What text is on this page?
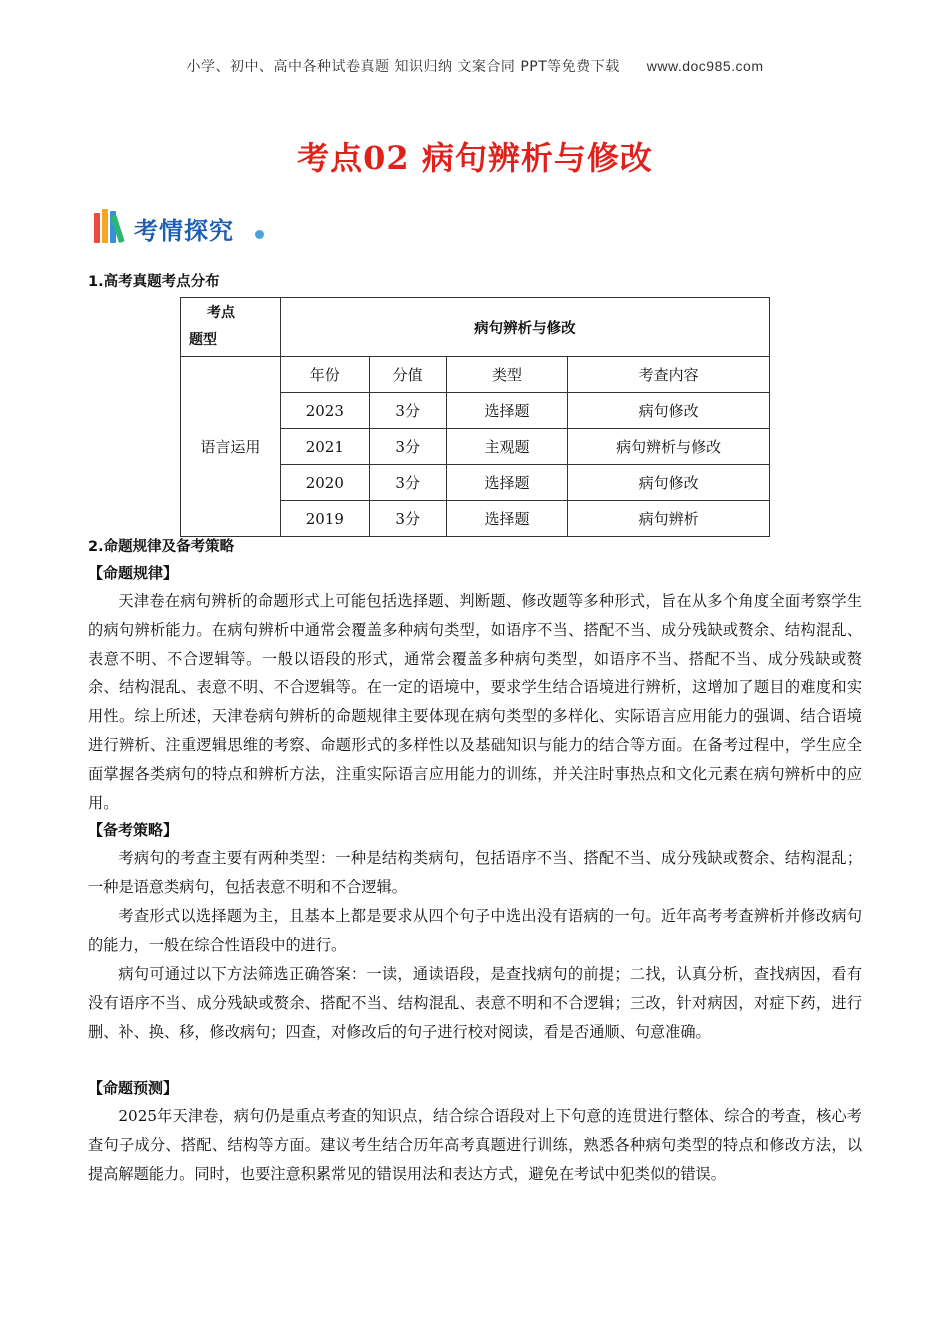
小学、初中、高中各种试卷真题 知识归纳 文案合同 PPT等免费下载 www.doc985.com
考点02 病句辨析与修改
考情探究
1.高考真题考点分布
考点
题型	病句辨析与修改			
语言运用	年份	分值	类型	考查内容
	2023	3分	选择题	病句修改
	2021	3分	主观题	病句辨析与修改
	2020	3分	选择题	病句修改
	2019	3分	选择题	病句辨析
2.命题规律及备考策略
【命题规律】
天津卷在病句辨析的命题形式上可能包括选择题、判断题、修改题等多种形式，旨在从多个角度全面考察学生的病句辨析能力。在病句辨析中通常会覆盖多种病句类型，如语序不当、搭配不当、成分残缺或赘余、结构混乱、表意不明、不合逻辑等。一般以语段的形式，通常会覆盖多种病句类型，如语序不当、搭配不当、成分残缺或赘余、结构混乱、表意不明、不合逻辑等。在一定的语境中，要求学生结合语境进行辨析，这增加了题目的难度和实用性。综上所述，天津卷病句辨析的命题规律主要体现在病句类型的多样化、实际语言应用能力的强调、结合语境进行辨析、注重逻辑思维的考察、命题形式的多样性以及基础知识与能力的结合等方面。在备考过程中，学生应全面掌握各类病句的特点和辨析方法，注重实际语言应用能力的训练，并关注时事热点和文化元素在病句辨析中的应用。
【备考策略】
考病句的考查主要有两种类型：一种是结构类病句，包括语序不当、搭配不当、成分残缺或赘余、结构混乱；一种是语意类病句，包括表意不明和不合逻辑。
考查形式以选择题为主，且基本上都是要求从四个句子中选出没有语病的一句。近年高考考查辨析并修改病句的能力，一般在综合性语段中的进行。
病句可通过以下方法筛选正确答案：一读，通读语段，是查找病句的前提；二找，认真分析，查找病因，看有没有语序不当、成分残缺或赘余、搭配不当、结构混乱、表意不明和不合逻辑；三改，针对病因，对症下药，进行删、补、换、移，修改病句；四查，对修改后的句子进行校对阅读，看是否通顺、句意准确。
【命题预测】
2025年天津卷，病句仍是重点考查的知识点，结合综合语段对上下句意的连贯进行整体、综合的考查，核心考查句子成分、搭配、结构等方面。建议考生结合历年高考真题进行训练，熟悉各种病句类型的特点和修改方法，以提高解题能力。同时，也要注意积累常见的错误用法和表达方式，避免在考试中犯类似的错误。
